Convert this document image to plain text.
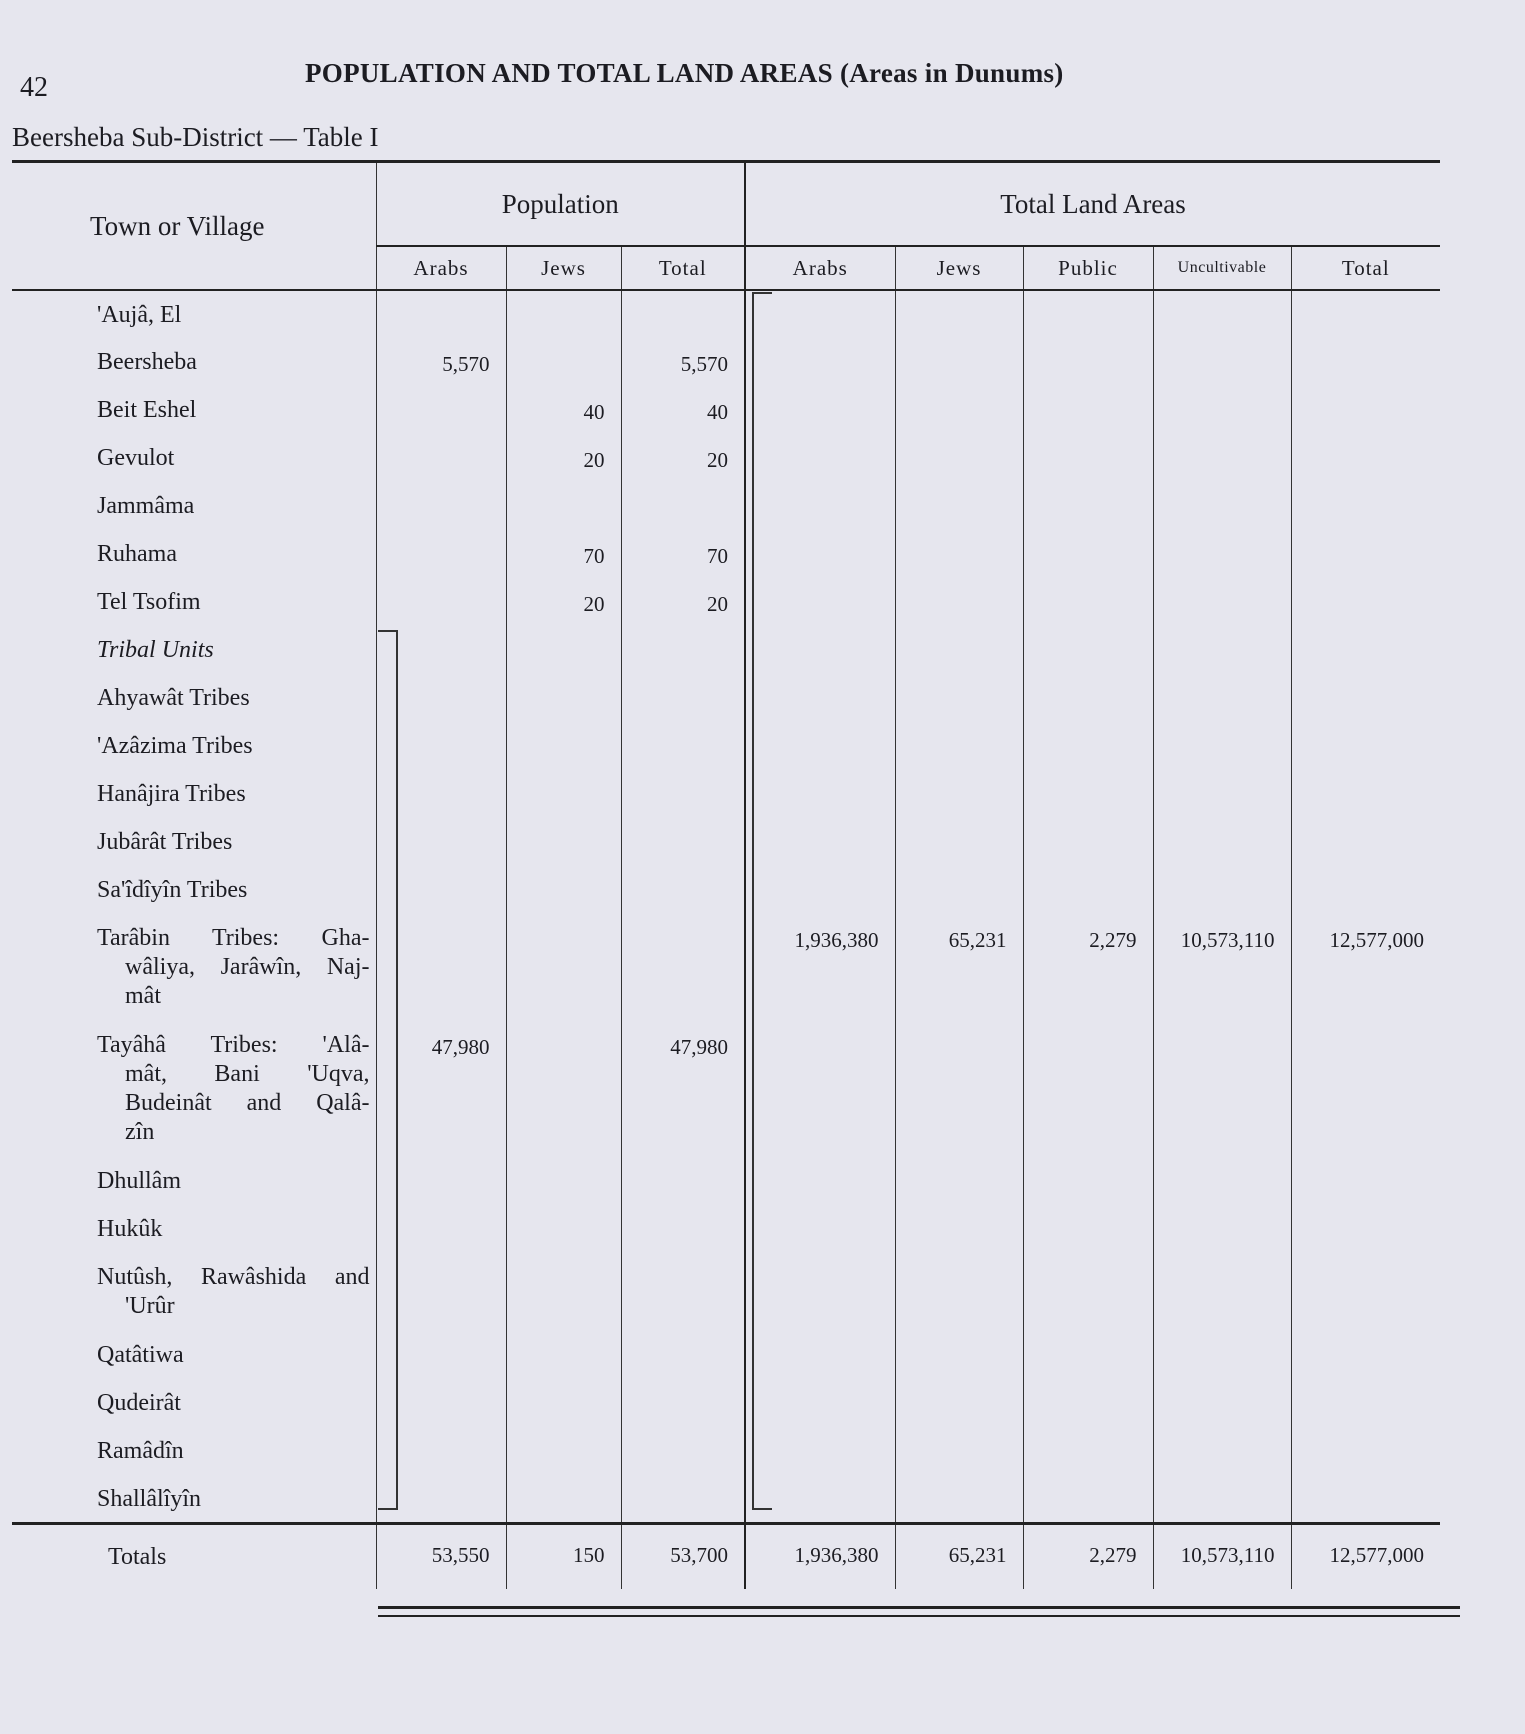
42	POPULATION AND TOTAL LAND AREAS (Areas in Dunums)
Beersheba Sub-District — Table I
Town or Village	Population			Total Land Areas				
	Arabs	Jews	Total	Arabs	Jews	Public	Uncultivable	Total
'Aujâ, El								
Beersheba	5,570		5,570					
Beit Eshel		40	40					
Gevulot		20	20					
Jammâma								
Ruhama		70	70					
Tel Tsofim		20	20					
Tribal Units								
Ahyawât Tribes								
'Azâzima Tribes								
Hanâjira Tribes								
Jubârât Tribes								
Sa'îdîyîn Tribes								

Tarâbin Tribes: Gha-
wâliya, Jarâwîn, Naj-
mât				1,936,380	65,231	2,279	10,573,110	12,577,000

Tayâhâ Tribes: 'Alâ-
mât, Bani 'Uqva,
Budeinât and Qalâ-
zîn	47,980		47,980					
Dhullâm								
Hukûk								

Nutûsh, Rawâshida and
'Urûr								

Qatâtiwa								
Qudeirât								
Ramâdîn								
Shallâlîyîn								
Totals	53,550	150	53,700	1,936,380	65,231	2,279	10,573,110	12,577,000
